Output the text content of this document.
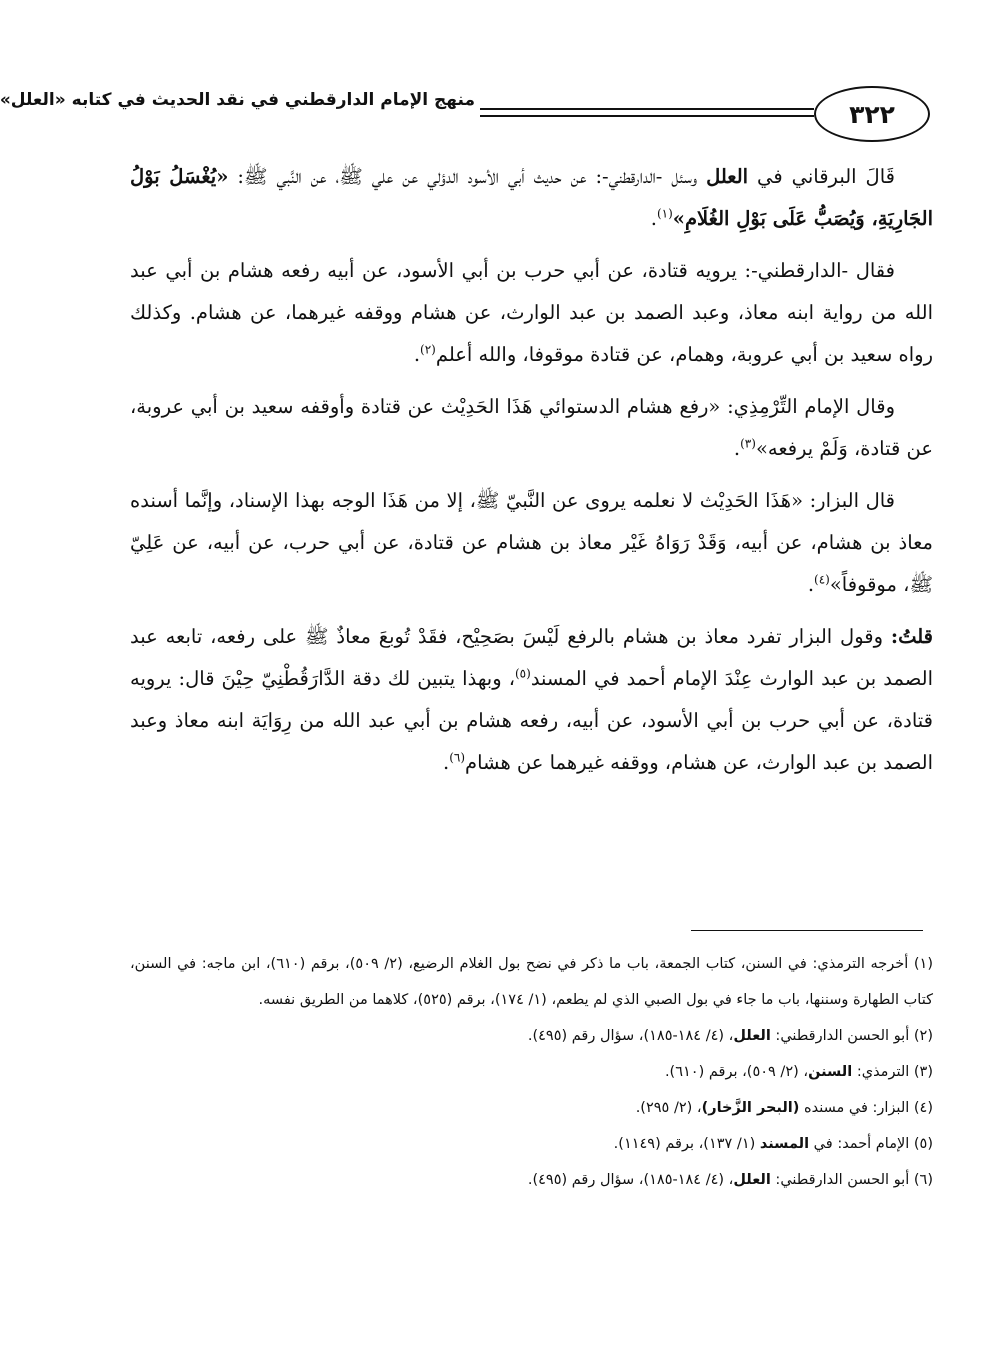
٣٢٢
منهج الإمام الدارقطني في نقد الحديث في كتابه «العلل»

قَالَ البرقاني في العلل وسئل -الدارقطني-: عن حديث أبي الأسود الدؤلي عن علي ﷺ، عن النَّبي ﷺ: «يُغْسَلُ بَوْلُ الجَارِيَةِ، وَيُصَبُّ عَلَى بَوْلِ الغُلَامِ»$^{(١)}$.

فقال -الدارقطني-: يرويه قتادة، عن أبي حرب بن أبي الأسود، عن أبيه رفعه هشام بن أبي عبد الله من رواية ابنه معاذ، وعبد الصمد بن عبد الوارث، عن هشام ووقفه غيرهما، عن هشام. وكذلك رواه سعيد بن أبي عروبة، وهمام، عن قتادة موقوفا، والله أعلم$^{(٢)}$.

وقال الإمام التِّرْمِذِي: «رفع هشام الدستوائي هَذَا الحَدِيْث عن قتادة وأوقفه سعيد بن أبي عروبة، عن قتادة، وَلَمْ يرفعه»$^{(٣)}$.

قال البزار: «هَذَا الحَدِيْث لا نعلمه يروى عن النَّبيّ ﷺ، إلا من هَذَا الوجه بهذا الإسناد، وإنَّما أسنده معاذ بن هشام، عن أبيه، وَقَدْ رَوَاهُ غَيْر معاذ بن هشام عن قتادة، عن أبي حرب، عن أبيه، عن عَلِيّ ﷺ، موقوفاً»$^{(٤)}$.

قلتُ: وقول البزار تفرد معاذ بن هشام بالرفع لَيْسَ بصَحِيْح، فقَدْ تُوبعَ معاذٌ ﷺ على رفعه، تابعه عبد الصمد بن عبد الوارث عِنْدَ الإمام أحمد في المسند$^{(٥)}$، وبهذا يتبين لك دقة الدَّارَقُطْنِيّ حِيْنَ قال: يرويه قتادة، عن أبي حرب بن أبي الأسود، عن أبيه، رفعه هشام بن أبي عبد الله من رِوَايَة ابنه معاذ وعبد الصمد بن عبد الوارث، عن هشام، ووقفه غيرهما عن هشام$^{(٦)}$.

(١) أخرجه الترمذي: في السنن، كتاب الجمعة، باب ما ذكر في نضح بول الغلام الرضيع، (٢/ ٥٠٩)، برقم (٦١٠)، ابن ماجه: في السنن، كتاب الطهارة وسننها، باب ما جاء في بول الصبي الذي لم يطعم، (١/ ١٧٤)، برقم (٥٢٥)، كلاهما من الطريق نفسه.

(٢) أبو الحسن الدارقطني: العلل، (٤/ ١٨٤-١٨٥)، سؤال رقم (٤٩٥).

(٣) الترمذي: السنن، (٢/ ٥٠٩)، برقم (٦١٠).

(٤) البزار: في مسنده (البحر الزَّخار)، (٢/ ٢٩٥).

(٥) الإمام أحمد: في المسند (١/ ١٣٧)، برقم (١١٤٩).

(٦) أبو الحسن الدارقطني: العلل، (٤/ ١٨٤-١٨٥)، سؤال رقم (٤٩٥).
